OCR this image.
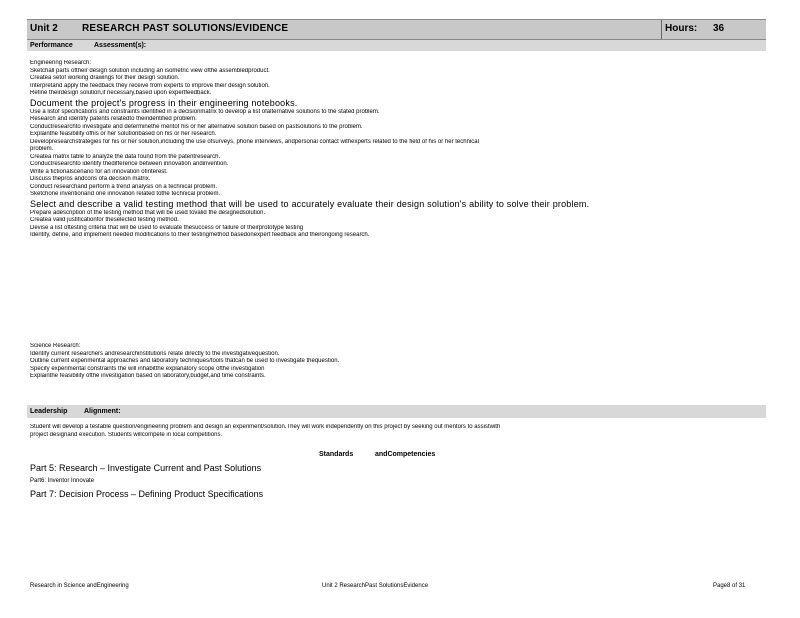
Unit 2 RESEARCH PAST SOLUTIONS/EVIDENCE	Hours: 36
Performance	Assessment(s):
Engineering Research:
Sketchall parts oftheir design solution including an isometric view ofthe assembledproduct.
Createa setof working drawings for their design solution.
Interpretand apply the feedback they receive from experts to improve their design solution.
Refine theirdesign solution,if necessary,based upon expertfeedback.
Document the project's progress in their engineering notebooks.
Use a listof specifications and constraints identified in a decisionmatrix to develop a list ofalternative solutions to the stated problem.
Research and identify patents relatedto theiridentified problem.
Conductresearchto investigate and determinethe meritof his or her alternative solution based on pastsolutions to the problem.
Explainthe feasibility ofhis or her solutionbased on his or her research.
Developresearchstrategies for his or her solution,including the use ofsurveys, phone interviews, andpersonal contact withexperts related to the field of his or her technical
problem.
Createa matrix table to analyze the data found from the patentresearch.
Conductresearchto identify thedifference between innovation andinvention.
Write a fictionalscenario for an innovation ofinterest.
Discuss thepros andcons ofa decision matrix.
Conduct researchand perform a trend analysis on a technical problem.
Sketchone inventionand one innovation related tothe technical problem.
Select and describe a valid testing method that will be used to accurately evaluate their design solution's ability to solve their problem.
Prepare adescription of the testing method that will be used tovalid the designedsolution.
Createa valid justificationfor theselected testing method.
Devise a list oftesting criteria that will be used to evaluate thesuccess or failure of theirprototype testing
Identify, define, and implement needed modifications to their testingmethod basedonexpert feedback and theirongoing research.
Science Research:
Identify current researchers andresearchinstitutions relate directly to the investigativequestion.
Outline current experimental approaches and laboratory techniques/tools thatcan be used to investigate thequestion.
Specify experimental constraints the will inhabitthe explanatory scope ofthe investigation
Explainthe feasibility ofthe investigation based on laboratory,budget,and time constraints.
Leadership Alignment:
Student will develop a testable question/engineering problem and design an experiment/solution.They will work independently on this project by seeking out mentors to assistwith
project designand execution. Students willcompete in local competitions.
Standards	andCompetencies
Part 5: Research – Investigate Current and Past Solutions
Part6: Inventor Innovate
Part 7: Decision Process – Defining Product Specifications
Research in Science andEngineering	Unit 2 ResearchPast SolutionsEvidence	Page8 of 31
